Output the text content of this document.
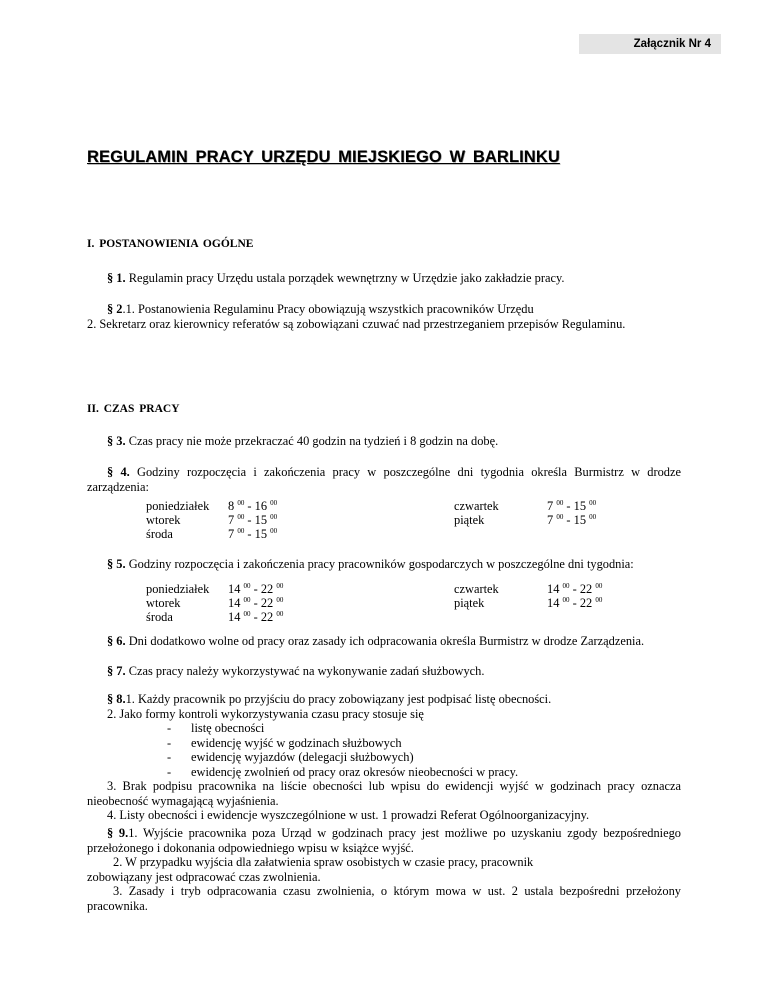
Załącznik Nr 4
REGULAMIN PRACY URZĘDU MIEJSKIEGO W BARLINKU
I. POSTANOWIENIA OGÓLNE

§ 1. Regulamin pracy Urzędu ustala porządek wewnętrzny w Urzędzie jako zakładzie pracy.

§ 2.1. Postanowienia Regulaminu Pracy obowiązują wszystkich pracowników Urzędu

2. Sekretarz oraz kierownicy referatów są zobowiązani czuwać nad przestrzeganiem przepisów Regulaminu.

II. CZAS PRACY

§ 3. Czas pracy nie może przekraczać 40 godzin na tydzień i 8 godzin na dobę.

§ 4. Godziny rozpoczęcia i zakończenia pracy w poszczególne dni tygodnia określa Burmistrz w drodze zarządzenia:

poniedziałek
wtorek
środa
8 $^{00}$ - 16 $^{00}$
7 $^{00}$ - 15 $^{00}$
7 $^{00}$ - 15 $^{00}$
czwartek
piątek
7 $^{00}$ - 15 $^{00}$
7 $^{00}$ - 15 $^{00}$

§ 5. Godziny rozpoczęcia i zakończenia pracy pracowników gospodarczych w poszczególne dni tygodnia:

poniedziałek
wtorek
środa
14 $^{00}$ - 22 $^{00}$
14 $^{00}$ - 22 $^{00}$
14 $^{00}$ - 22 $^{00}$
czwartek
piątek
14 $^{00}$ - 22 $^{00}$
14 $^{00}$ - 22 $^{00}$

§ 6. Dni dodatkowo wolne od pracy oraz zasady ich odpracowania określa Burmistrz w drodze Zarządzenia.

§ 7. Czas pracy należy wykorzystywać na wykonywanie zadań służbowych.

§ 8.1. Każdy pracownik po przyjściu do pracy zobowiązany jest podpisać listę obecności.

2. Jako formy kontroli wykorzystywania czasu pracy stosuje się

- listę obecności

- ewidencję wyjść w godzinach służbowych

- ewidencję wyjazdów (delegacji służbowych)

- ewidencję zwolnień od pracy oraz okresów nieobecności w pracy.

3. Brak podpisu pracownika na liście obecności lub wpisu do ewidencji wyjść w godzinach pracy oznacza nieobecność wymagającą wyjaśnienia.

4. Listy obecności i ewidencje wyszczególnione w ust. 1 prowadzi Referat Ogólnoorganizacyjny.

§ 9.1. Wyjście pracownika poza Urząd w godzinach pracy jest możliwe po uzyskaniu zgody bezpośredniego przełożonego i dokonania odpowiedniego wpisu w książce wyjść.

2. W przypadku wyjścia dla załatwienia spraw osobistych w czasie pracy, pracownik

zobowiązany jest odpracować czas zwolnienia.

3. Zasady i tryb odpracowania czasu zwolnienia, o którym mowa w ust. 2 ustala bezpośredni przełożony pracownika.
